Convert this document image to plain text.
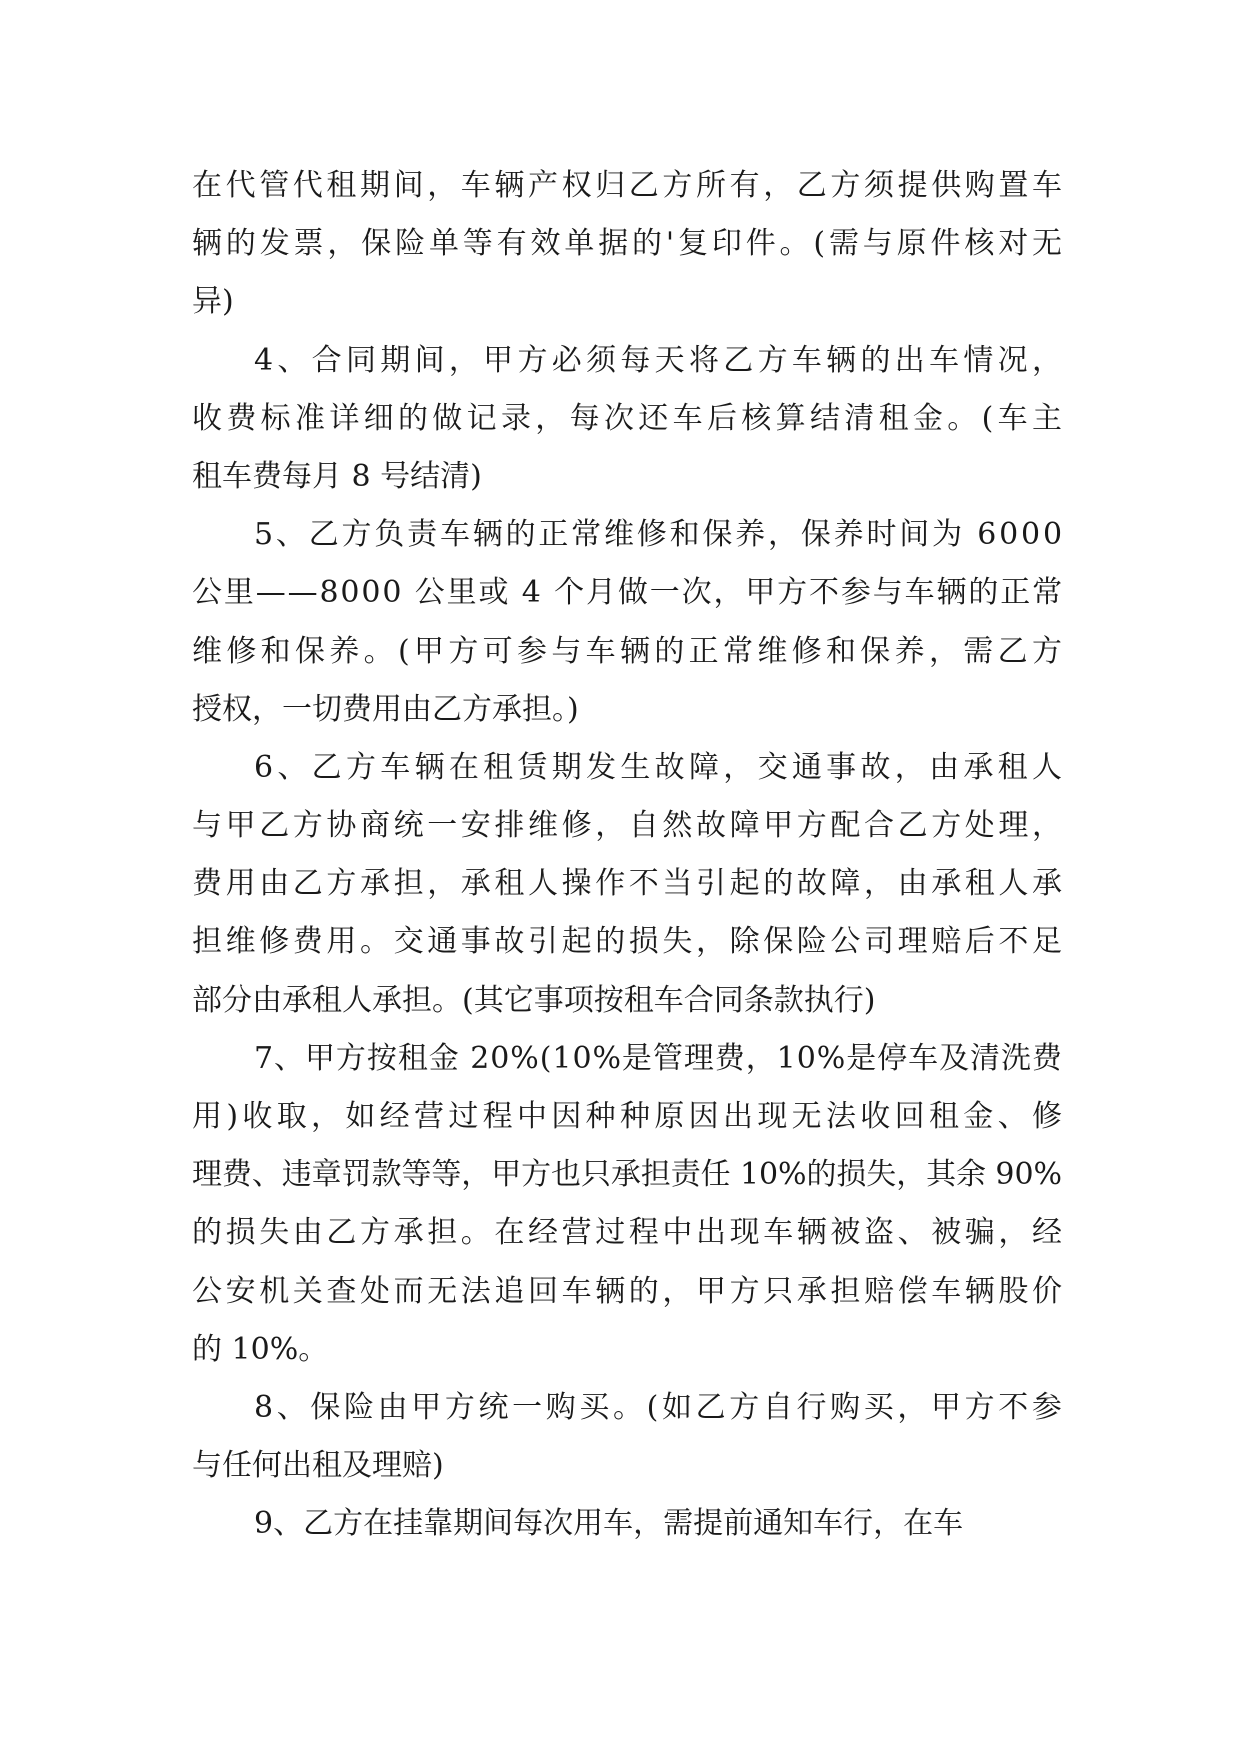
在代管代租期间，车辆产权归乙方所有，乙方须提供购置车
辆的发票，保险单等有效单据的'复印件。(需与原件核对无
异)
4、合同期间，甲方必须每天将乙方车辆的出车情况，
收费标准详细的做记录，每次还车后核算结清租金。(车主
租车费每月 8 号结清)
5、乙方负责车辆的正常维修和保养，保养时间为 6000
公里——8000 公里或 4 个月做一次，甲方不参与车辆的正常
维修和保养。(甲方可参与车辆的正常维修和保养，需乙方
授权，一切费用由乙方承担。)
6、乙方车辆在租赁期发生故障，交通事故，由承租人
与甲乙方协商统一安排维修，自然故障甲方配合乙方处理，
费用由乙方承担，承租人操作不当引起的故障，由承租人承
担维修费用。交通事故引起的损失，除保险公司理赔后不足
部分由承租人承担。(其它事项按租车合同条款执行)
7、甲方按租金 20%(10%是管理费，10%是停车及清洗费
用)收取，如经营过程中因种种原因出现无法收回租金、修
理费、违章罚款等等，甲方也只承担责任 10%的损失，其余 90%
的损失由乙方承担。在经营过程中出现车辆被盗、被骗，经
公安机关查处而无法追回车辆的，甲方只承担赔偿车辆股价
的 10%。
8、保险由甲方统一购买。(如乙方自行购买，甲方不参
与任何出租及理赔)
9、乙方在挂靠期间每次用车，需提前通知车行，在车
